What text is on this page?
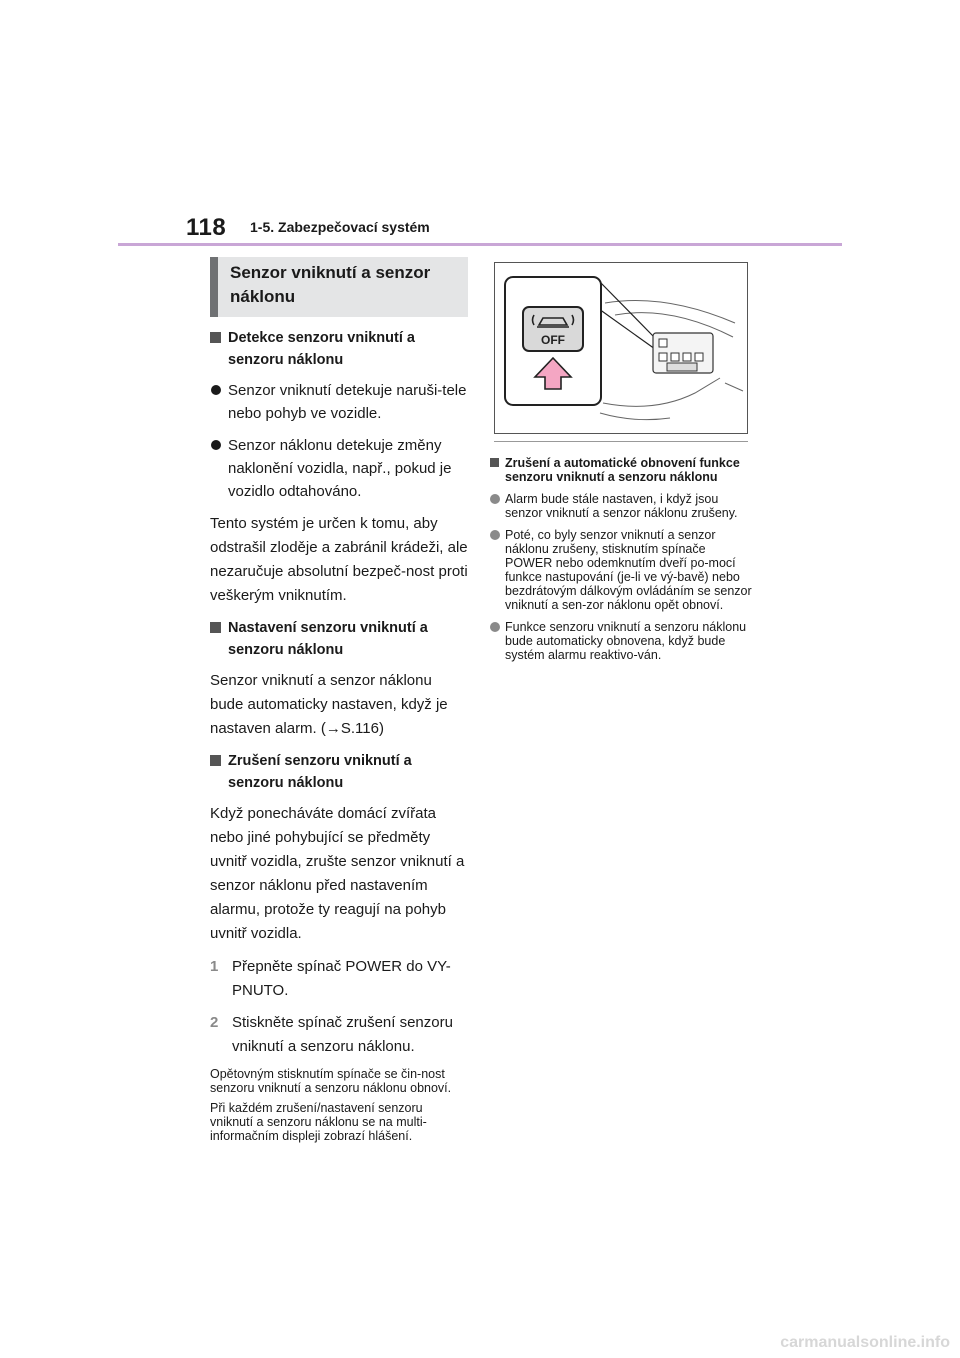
118 1-5. Zabezpečovací systém
Senzor vniknutí a senzor náklonu
Detekce senzoru vniknutí a senzoru náklonu
Senzor vniknutí detekuje naruši-tele nebo pohyb ve vozidle.
Senzor náklonu detekuje změny naklonění vozidla, např., pokud je vozidlo odtahováno.

Tento systém je určen k tomu, aby odstrašil zloděje a zabránil krádeži, ale nezaručuje absolutní bezpeč-nost proti veškerým vniknutím.

Nastavení senzoru vniknutí a senzoru náklonu

Senzor vniknutí a senzor náklonu bude automaticky nastaven, když je nastaven alarm. (→S.116)

Zrušení senzoru vniknutí a senzoru náklonu

Když ponecháváte domácí zvířata nebo jiné pohybující se předměty uvnitř vozidla, zrušte senzor vniknutí a senzor náklonu před nastavením alarmu, protože ty reagují na pohyb uvnitř vozidla.

1 Přepněte spínač POWER do VY-PNUTO.
2 Stiskněte spínač zrušení senzoru vniknutí a senzoru náklonu.

Opětovným stisknutím spínače se čin-nost senzoru vniknutí a senzoru náklonu obnoví.

Při každém zrušení/nastavení senzoru vniknutí a senzoru náklonu se na multi-informačním displeji zobrazí hlášení.

OFF
Zrušení a automatické obnovení funkce senzoru vniknutí a senzoru náklonu
Alarm bude stále nastaven, i když jsou senzor vniknutí a senzor náklonu zrušeny.
Poté, co byly senzor vniknutí a senzor náklonu zrušeny, stisknutím spínače POWER nebo odemknutím dveří po-mocí funkce nastupování (je-li ve vý-bavě) nebo bezdrátovým dálkovým ovládáním se senzor vniknutí a sen-zor náklonu opět obnoví.
Funkce senzoru vniknutí a senzoru náklonu bude automaticky obnovena, když bude systém alarmu reaktivo-ván.
carmanualsonline.info
